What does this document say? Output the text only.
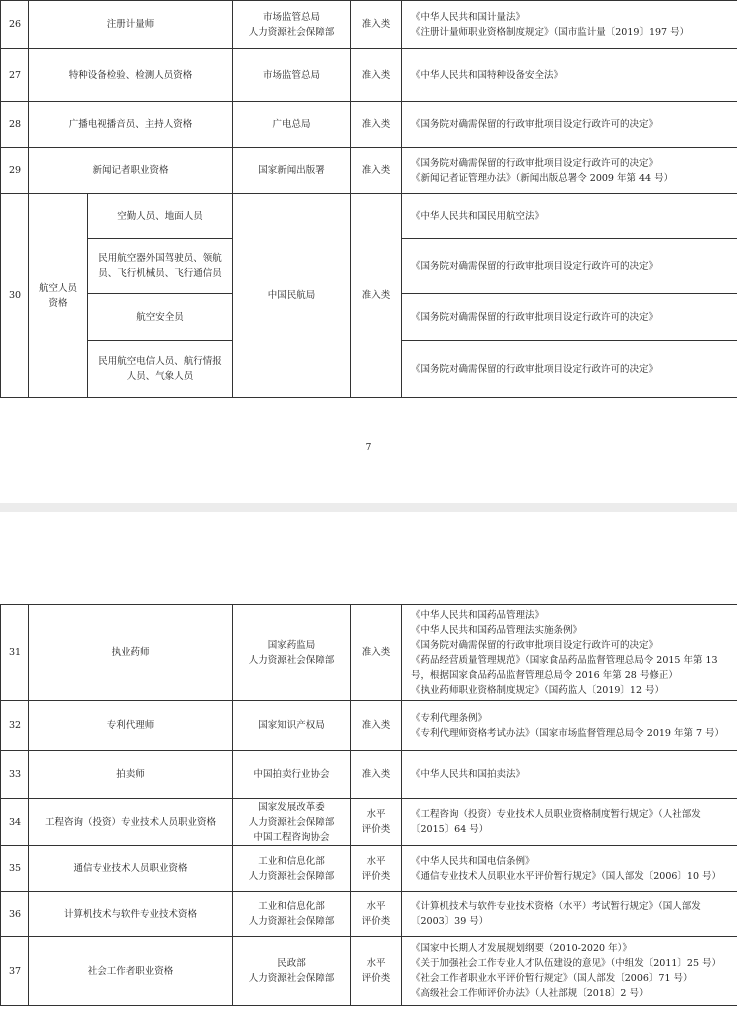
26	注册计量师		市场监管总局
人力资源社会保障部	准入类	《中华人民共和国计量法》
《注册计量师职业资格制度规定》（国市监计量〔2019〕197 号）

27	特种设备检验、检测人员资格		市场监管总局	准入类	《中华人民共和国特种设备安全法》

28	广播电视播音员、主持人资格		广电总局	准入类	《国务院对确需保留的行政审批项目设定行政许可的决定》

29	新闻记者职业资格		国家新闻出版署	准入类	《国务院对确需保留的行政审批项目设定行政许可的决定》
《新闻记者证管理办法》（新闻出版总署令 2009 年第 44 号）

30	航空人员
资格	空勤人员、地面人员	中国民航局	准入类	《中华人民共和国民用航空法》

		民用航空器外国驾驶员、领航
员、飞行机械员、飞行通信员			《国务院对确需保留的行政审批项目设定行政许可的决定》

		航空安全员			《国务院对确需保留的行政审批项目设定行政许可的决定》

		民用航空电信人员、航行情报
人员、气象人员			《国务院对确需保留的行政审批项目设定行政许可的决定》
7
31	执业药师	国家药监局
人力资源社会保障部	准入类	《中华人民共和国药品管理法》
《中华人民共和国药品管理法实施条例》
《国务院对确需保留的行政审批项目设定行政许可的决定》
《药品经营质量管理规范》（国家食品药品监督管理总局令 2015 年第 13 号，根据国家食品药品监督管理总局令 2016 年第 28 号修正）
《执业药师职业资格制度规定》（国药监人〔2019〕12 号）

32	专利代理师	国家知识产权局	准入类	《专利代理条例》
《专利代理师资格考试办法》（国家市场监督管理总局令 2019 年第 7 号）

33	拍卖师	中国拍卖行业协会	准入类	《中华人民共和国拍卖法》

34	工程咨询（投资）专业技术人员职业资格	国家发展改革委
人力资源社会保障部
中国工程咨询协会	水平
评价类	《工程咨询（投资）专业技术人员职业资格制度暂行规定》（人社部发〔2015〕64 号）

35	通信专业技术人员职业资格	工业和信息化部
人力资源社会保障部	水平
评价类	《中华人民共和国电信条例》
《通信专业技术人员职业水平评价暂行规定》（国人部发〔2006〕10 号）

36	计算机技术与软件专业技术资格	工业和信息化部
人力资源社会保障部	水平
评价类	《计算机技术与软件专业技术资格（水平）考试暂行规定》（国人部发〔2003〕39 号）

37	社会工作者职业资格	民政部
人力资源社会保障部	水平
评价类	《国家中长期人才发展规划纲要（2010-2020 年）》
《关于加强社会工作专业人才队伍建设的意见》（中组发〔2011〕25 号）
《社会工作者职业水平评价暂行规定》（国人部发〔2006〕71 号）
《高级社会工作师评价办法》（人社部规〔2018〕2 号）
